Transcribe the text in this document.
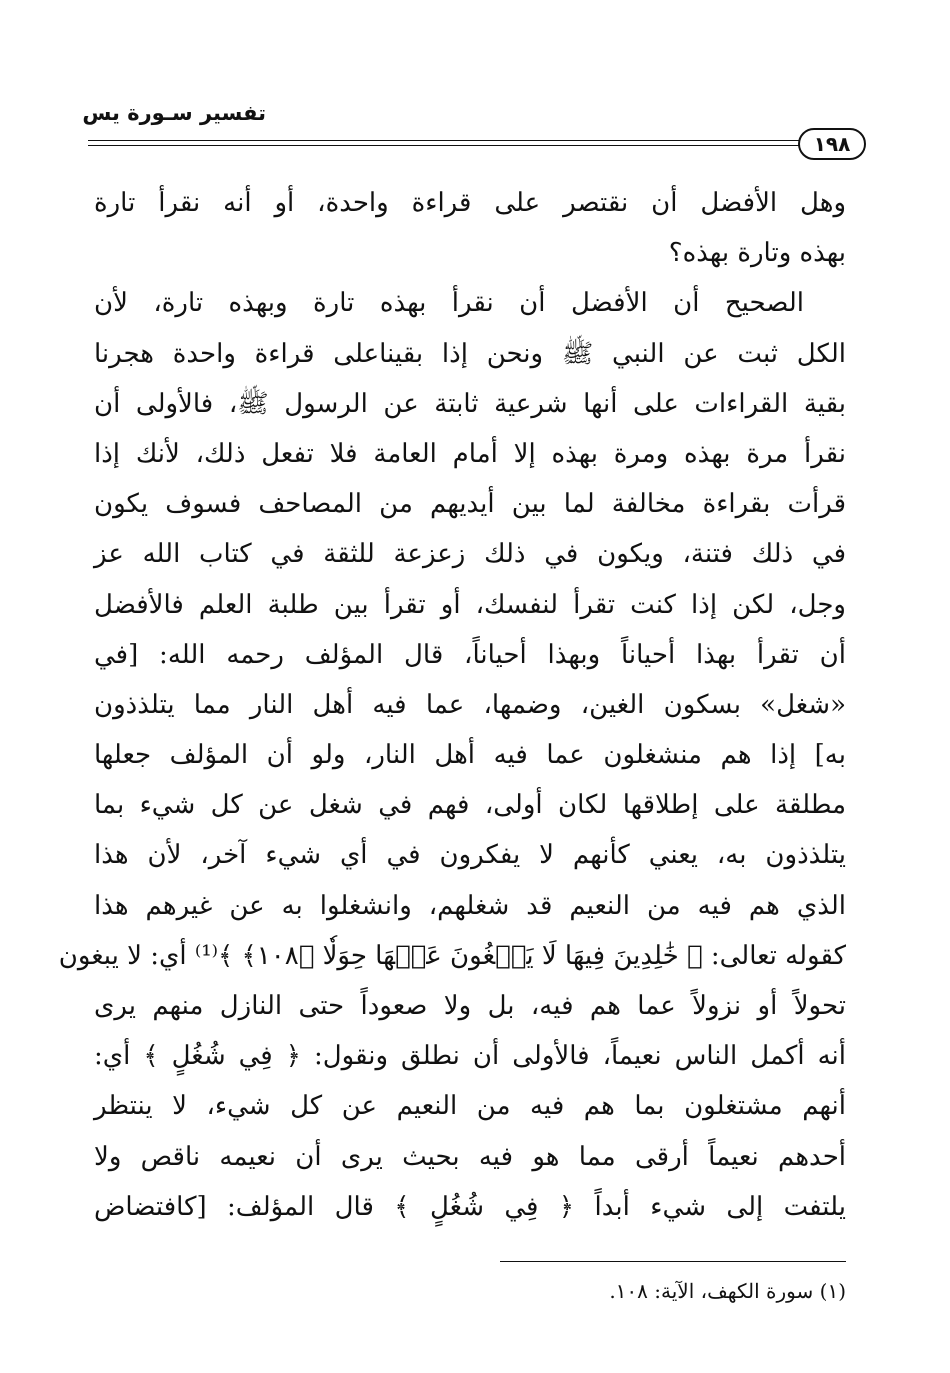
تفسير سـورة يس
١٩٨
وهل الأفضل أن نقتصر على قراءة واحدة، أو أنه نقرأ تارة
بهذه وتارة بهذه؟
الصحيح أن الأفضل أن نقرأ بهذه تارة وبهذه تارة، لأن
الكل ثبت عن النبي ﷺ ونحن إذا بقيناعلى قراءة واحدة هجرنا
بقية القراءات على أنها شرعية ثابتة عن الرسول ﷺ، فالأولى أن
نقرأ مرة بهذه ومرة بهذه إلا أمام العامة فلا تفعل ذلك، لأنك إذا
قرأت بقراءة مخالفة لما بين أيديهم من المصاحف فسوف يكون
في ذلك فتنة، ويكون في ذلك زعزعة للثقة في كتاب الله عز
وجل، لكن إذا كنت تقرأ لنفسك، أو تقرأ بين طلبة العلم فالأفضل
أن تقرأ بهذا أحياناً وبهذا أحياناً، قال المؤلف رحمه الله: [في
«شغل» بسكون الغين، وضمها، عما فيه أهل النار مما يتلذذون
به] إذا هم منشغلون عما فيه أهل النار، ولو أن المؤلف جعلها
مطلقة على إطلاقها لكان أولى، فهم في شغل عن كل شيء بما
يتلذذون به، يعني كأنهم لا يفكرون في أي شيء آخر، لأن هذا
الذي هم فيه من النعيم قد شغلهم، وانشغلوا به عن غيرهم هذا
كقوله تعالى: ﴿ خَٰلِدِينَ فِيهَا لَا يَبۡغُونَ عَنۡهَا حِوَلٗا ﴿١٠٨﴾ ﴾⁽¹⁾ أي: لا يبغون
تحولاً أو نزولاً عما هم فيه، بل ولا صعوداً حتى النازل منهم يرى
أنه أكمل الناس نعيماً، فالأولى أن نطلق ونقول: ﴿ فِي شُغُلٍ ﴾ أي:
أنهم مشتغلون بما هم فيه من النعيم عن كل شيء، لا ينتظر
أحدهم نعيماً أرقى مما هو فيه بحيث يرى أن نعيمه ناقص ولا
يلتفت إلى شيء أبداً ﴿ فِي شُغُلٍ ﴾ قال المؤلف: [كافتضاض
(١) سورة الكهف، الآية: ١٠٨.
